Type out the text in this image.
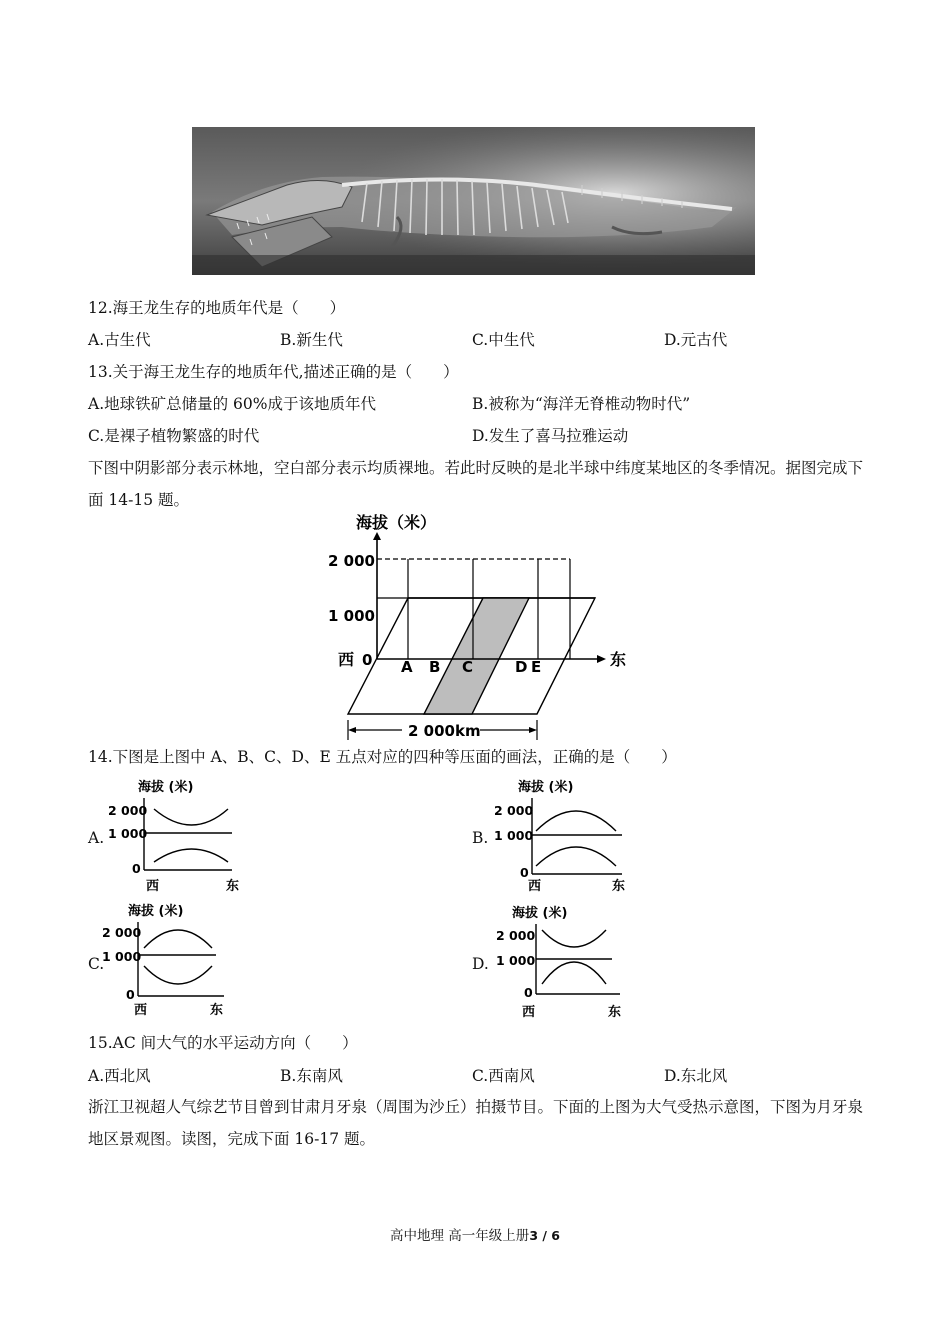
12.海王龙生存的地质年代是（　　）
A.古生代	B.新生代	C.中生代	D.元古代
13.关于海王龙生存的地质年代,描述正确的是（　　）
A.地球铁矿总储量的 60%成于该地质年代	B.被称为“海洋无脊椎动物时代”
C.是裸子植物繁盛的时代	D.发生了喜马拉雅运动
下图中阴影部分表示林地，空白部分表示均质裸地。若此时反映的是北半球中纬度某地区的冬季情况。据图完成下面 14-15 题。
海拔（米）
2 000
1 000
西 0	东
A B C	D E
2 000km
14.下图是上图中 A、B、C、D、E 五点对应的四种等压面的画法，正确的是（　　）
A.
海拔 (米)
2 000
1 000
0
西	东
B.
海拔 (米)
2 000
1 000
0
西	东
C.
海拔 (米)
2 000
1 000
0
西	东
D.
海拔 (米)
2 000
1 000
0
西	东
15.AC 间大气的水平运动方向（　　）
A.西北风	B.东南风	C.西南风	D.东北风
浙江卫视超人气综艺节目曾到甘肃月牙泉（周围为沙丘）拍摄节目。下面的上图为大气受热示意图，下图为月牙泉地区景观图。读图，完成下面 16-17 题。
高中地理 高一年级上册3 / 6
